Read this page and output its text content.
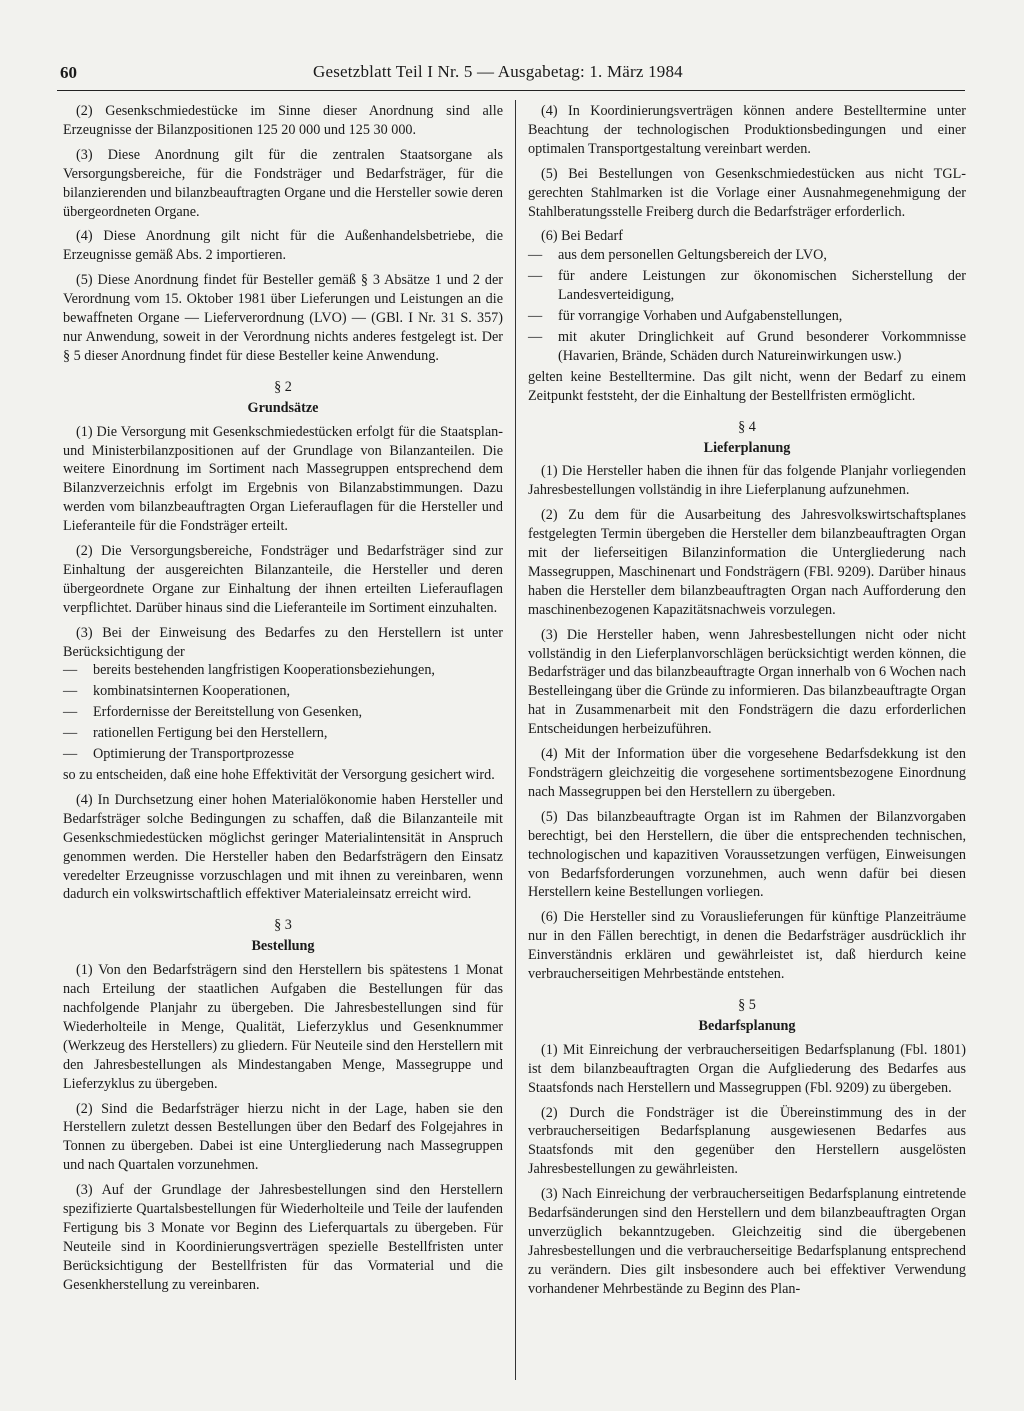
60	Gesetzblatt Teil I Nr. 5 — Ausgabetag: 1. März 1984

(2) Gesenkschmiedestücke im Sinne dieser Anordnung sind alle Erzeugnisse der Bilanzpositionen 125 20 000 und 125 30 000.

(3) Diese Anordnung gilt für die zentralen Staatsorgane als Versorgungsbereiche, für die Fondsträger und Bedarfsträger, für die bilanzierenden und bilanzbeauftragten Organe und die Hersteller sowie deren übergeordneten Organe.

(4) Diese Anordnung gilt nicht für die Außenhandelsbetriebe, die Erzeugnisse gemäß Abs. 2 importieren.

(5) Diese Anordnung findet für Besteller gemäß § 3 Absätze 1 und 2 der Verordnung vom 15. Oktober 1981 über Lieferungen und Leistungen an die bewaffneten Organe — Lieferverordnung (LVO) — (GBl. I Nr. 31 S. 357) nur Anwendung, soweit in der Verordnung nichts anderes festgelegt ist. Der § 5 dieser Anordnung findet für diese Besteller keine Anwendung.

§ 2
Grundsätze

(1) Die Versorgung mit Gesenkschmiedestücken erfolgt für die Staatsplan- und Ministerbilanzpositionen auf der Grundlage von Bilanzanteilen. Die weitere Einordnung im Sortiment nach Massegruppen entsprechend dem Bilanzverzeichnis erfolgt im Ergebnis von Bilanzabstimmungen. Dazu werden vom bilanzbeauftragten Organ Lieferauflagen für die Hersteller und Lieferanteile für die Fondsträger erteilt.

(2) Die Versorgungsbereiche, Fondsträger und Bedarfsträger sind zur Einhaltung der ausgereichten Bilanzanteile, die Hersteller und deren übergeordnete Organe zur Einhaltung der ihnen erteilten Lieferauflagen verpflichtet. Darüber hinaus sind die Lieferanteile im Sortiment einzuhalten.

(3) Bei der Einweisung des Bedarfes zu den Herstellern ist unter Berücksichtigung der

— bereits bestehenden langfristigen Kooperationsbeziehungen,
— kombinatsinternen Kooperationen,
— Erfordernisse der Bereitstellung von Gesenken,
— rationellen Fertigung bei den Herstellern,
— Optimierung der Transportprozesse

so zu entscheiden, daß eine hohe Effektivität der Versorgung gesichert wird.

(4) In Durchsetzung einer hohen Materialökonomie haben Hersteller und Bedarfsträger solche Bedingungen zu schaffen, daß die Bilanzanteile mit Gesenkschmiedestücken möglichst geringer Materialintensität in Anspruch genommen werden. Die Hersteller haben den Bedarfsträgern den Einsatz veredelter Erzeugnisse vorzuschlagen und mit ihnen zu vereinbaren, wenn dadurch ein volkswirtschaftlich effektiver Materialeinsatz erreicht wird.

§ 3
Bestellung

(1) Von den Bedarfsträgern sind den Herstellern bis spätestens 1 Monat nach Erteilung der staatlichen Aufgaben die Bestellungen für das nachfolgende Planjahr zu übergeben. Die Jahresbestellungen sind für Wiederholteile in Menge, Qualität, Lieferzyklus und Gesenknummer (Werkzeug des Herstellers) zu gliedern. Für Neuteile sind den Herstellern mit den Jahresbestellungen als Mindestangaben Menge, Massegruppe und Lieferzyklus zu übergeben.

(2) Sind die Bedarfsträger hierzu nicht in der Lage, haben sie den Herstellern zuletzt dessen Bestellungen über den Bedarf des Folgejahres in Tonnen zu übergeben. Dabei ist eine Untergliederung nach Massegruppen und nach Quartalen vorzunehmen.

(3) Auf der Grundlage der Jahresbestellungen sind den Herstellern spezifizierte Quartalsbestellungen für Wiederholteile und Teile der laufenden Fertigung bis 3 Monate vor Beginn des Lieferquartals zu übergeben. Für Neuteile sind in Koordinierungsverträgen spezielle Bestellfristen unter Berücksichtigung der Bestellfristen für das Vormaterial und die Gesenkherstellung zu vereinbaren.

(4) In Koordinierungsverträgen können andere Bestelltermine unter Beachtung der technologischen Produktionsbedingungen und einer optimalen Transportgestaltung vereinbart werden.

(5) Bei Bestellungen von Gesenkschmiedestücken aus nicht TGL-gerechten Stahlmarken ist die Vorlage einer Ausnahmegenehmigung der Stahlberatungsstelle Freiberg durch die Bedarfsträger erforderlich.

(6) Bei Bedarf

— aus dem personellen Geltungsbereich der LVO,
— für andere Leistungen zur ökonomischen Sicherstellung der Landesverteidigung,
— für vorrangige Vorhaben und Aufgabenstellungen,
— mit akuter Dringlichkeit auf Grund besonderer Vorkommnisse (Havarien, Brände, Schäden durch Natureinwirkungen usw.)

gelten keine Bestelltermine. Das gilt nicht, wenn der Bedarf zu einem Zeitpunkt feststeht, der die Einhaltung der Bestellfristen ermöglicht.

§ 4
Lieferplanung

(1) Die Hersteller haben die ihnen für das folgende Planjahr vorliegenden Jahresbestellungen vollständig in ihre Lieferplanung aufzunehmen.

(2) Zu dem für die Ausarbeitung des Jahresvolkswirtschaftsplanes festgelegten Termin übergeben die Hersteller dem bilanzbeauftragten Organ mit der lieferseitigen Bilanzinformation die Untergliederung nach Massegruppen, Maschinenart und Fondsträgern (FBl. 9209). Darüber hinaus haben die Hersteller dem bilanzbeauftragten Organ nach Aufforderung den maschinenbezogenen Kapazitätsnachweis vorzulegen.

(3) Die Hersteller haben, wenn Jahresbestellungen nicht oder nicht vollständig in den Lieferplanvorschlägen berücksichtigt werden können, die Bedarfsträger und das bilanzbeauftragte Organ innerhalb von 6 Wochen nach Bestelleingang über die Gründe zu informieren. Das bilanzbeauftragte Organ hat in Zusammenarbeit mit den Fondsträgern die dazu erforderlichen Entscheidungen herbeizuführen.

(4) Mit der Information über die vorgesehene Bedarfsdekkung ist den Fondsträgern gleichzeitig die vorgesehene sortimentsbezogene Einordnung nach Massegruppen bei den Herstellern zu übergeben.

(5) Das bilanzbeauftragte Organ ist im Rahmen der Bilanzvorgaben berechtigt, bei den Herstellern, die über die entsprechenden technischen, technologischen und kapazitiven Voraussetzungen verfügen, Einweisungen von Bedarfsforderungen vorzunehmen, auch wenn dafür bei diesen Herstellern keine Bestellungen vorliegen.

(6) Die Hersteller sind zu Vorauslieferungen für künftige Planzeiträume nur in den Fällen berechtigt, in denen die Bedarfsträger ausdrücklich ihr Einverständnis erklären und gewährleistet ist, daß hierdurch keine verbraucherseitigen Mehrbestände entstehen.

§ 5
Bedarfsplanung

(1) Mit Einreichung der verbraucherseitigen Bedarfsplanung (Fbl. 1801) ist dem bilanzbeauftragten Organ die Aufgliederung des Bedarfes aus Staatsfonds nach Herstellern und Massegruppen (Fbl. 9209) zu übergeben.

(2) Durch die Fondsträger ist die Übereinstimmung des in der verbraucherseitigen Bedarfsplanung ausgewiesenen Bedarfes aus Staatsfonds mit den gegenüber den Herstellern ausgelösten Jahresbestellungen zu gewährleisten.

(3) Nach Einreichung der verbraucherseitigen Bedarfsplanung eintretende Bedarfsänderungen sind den Herstellern und dem bilanzbeauftragten Organ unverzüglich bekanntzugeben. Gleichzeitig sind die übergebenen Jahresbestellungen und die verbraucherseitige Bedarfsplanung entsprechend zu verändern. Dies gilt insbesondere auch bei effektiver Verwendung vorhandener Mehrbestände zu Beginn des Plan-
